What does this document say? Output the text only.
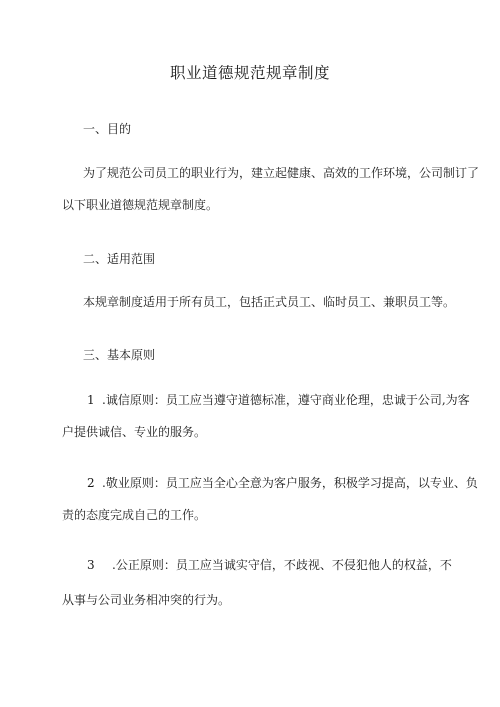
职业道德规范规章制度
一、目的
为了规范公司员工的职业行为，建立起健康、高效的工作环境，公司制订了
以下职业道德规范规章制度。
二、适用范围
本规章制度适用于所有员工，包括正式员工、临时员工、兼职员工等。
三、基本原则
1 .诚信原则：员工应当遵守道德标准，遵守商业伦理，忠诚于公司,为客
户提供诚信、专业的服务。
2 .敬业原则：员工应当全心全意为客户服务，积极学习提高，以专业、负
责的态度完成自己的工作。
3 .公正原则：员工应当诚实守信，不歧视、不侵犯他人的权益，不
从事与公司业务相冲突的行为。
